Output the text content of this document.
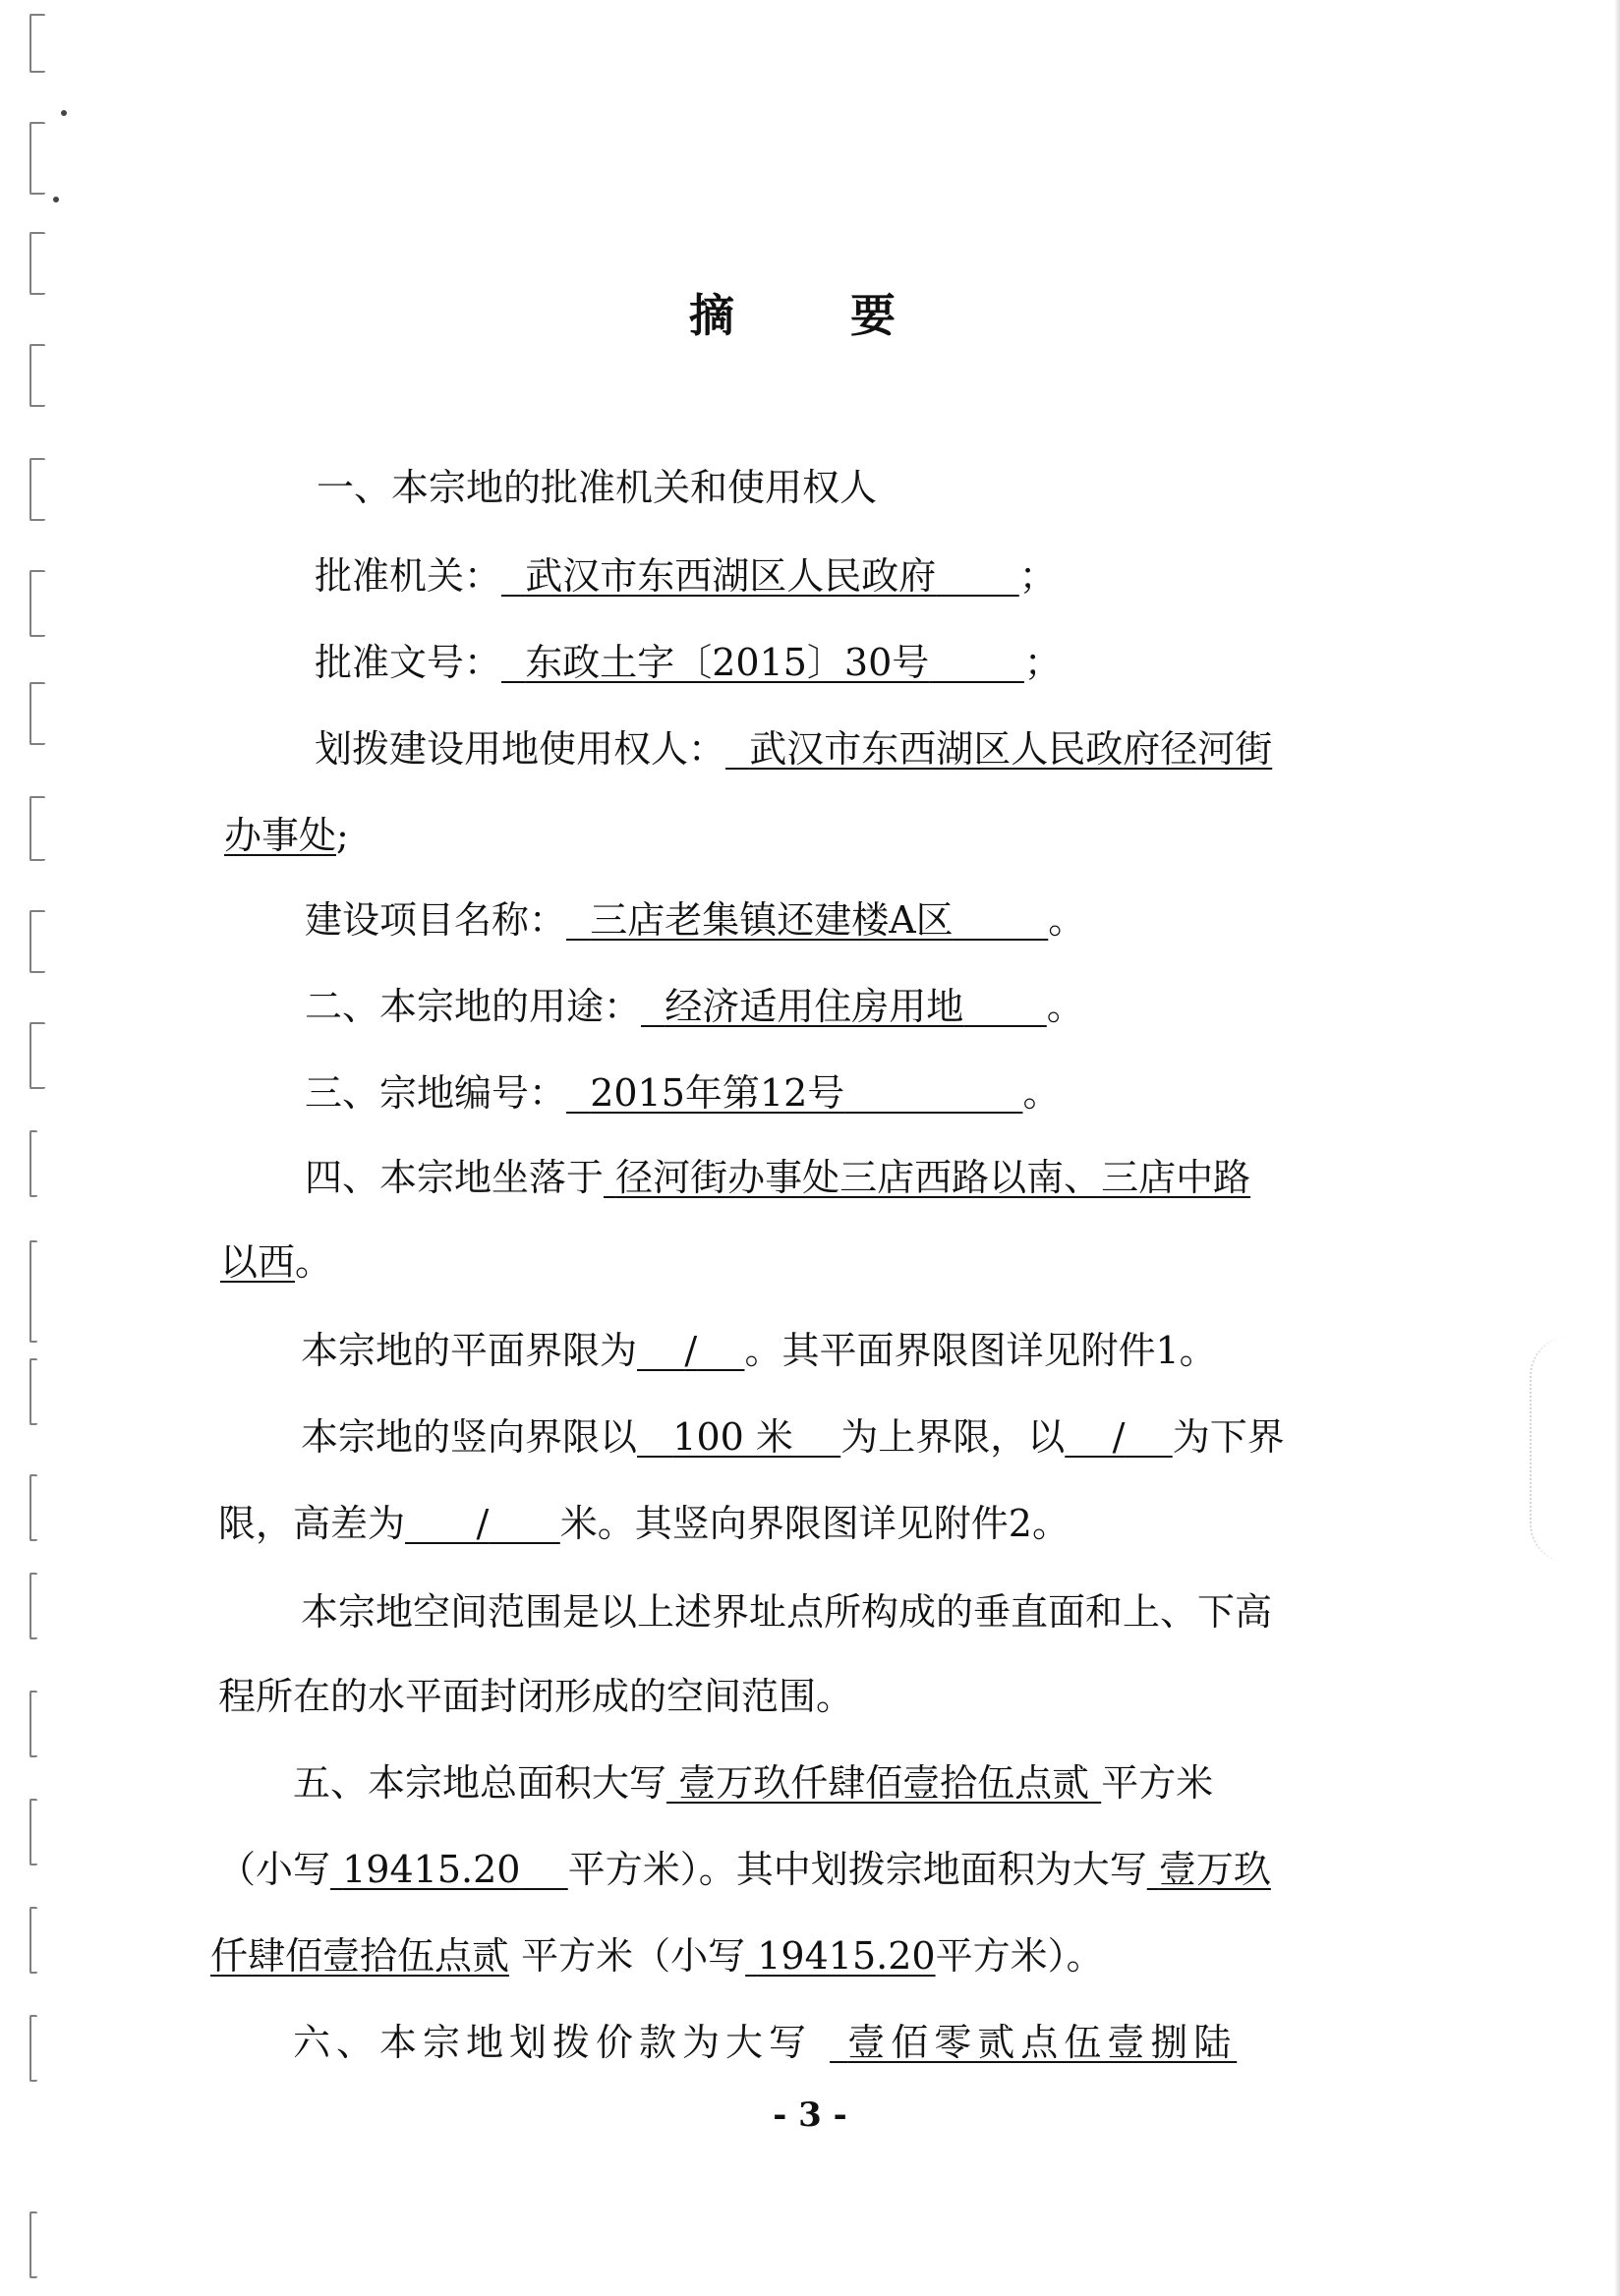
摘　要
一、本宗地的批准机关和使用权人
批准机关： 武汉市东西湖区人民政府 ；
批准文号： 东政土字〔2015〕30号	；
划拨建设用地使用权人： 武汉市东西湖区人民政府径河街
办事处;
建设项目名称： 三店老集镇还建楼A区	。
二、本宗地的用途： 经济适用住房用地 。
三、宗地编号： 2015年第12号	。
四、本宗地坐落于 径河街办事处三店西路以南、三店中路
以西。
本宗地的平面界限为 / 。其平面界限图详见附件1。
本宗地的竖向界限以 100 米 为上界限，以 / 为下界
限，高差为 / 米。其竖向界限图详见附件2。
本宗地空间范围是以上述界址点所构成的垂直面和上、下高
程所在的水平面封闭形成的空间范围。
五、本宗地总面积大写 壹万玖仟肆佰壹拾伍点贰 平方米
（小写 19415.20 平方米）。其中划拨宗地面积为大写 壹万玖
仟肆佰壹拾伍点贰 平方米（小写 19415.20平方米）。
六、本宗地划拨价款为大写 壹佰零贰点伍壹捌陆
- 3 -
